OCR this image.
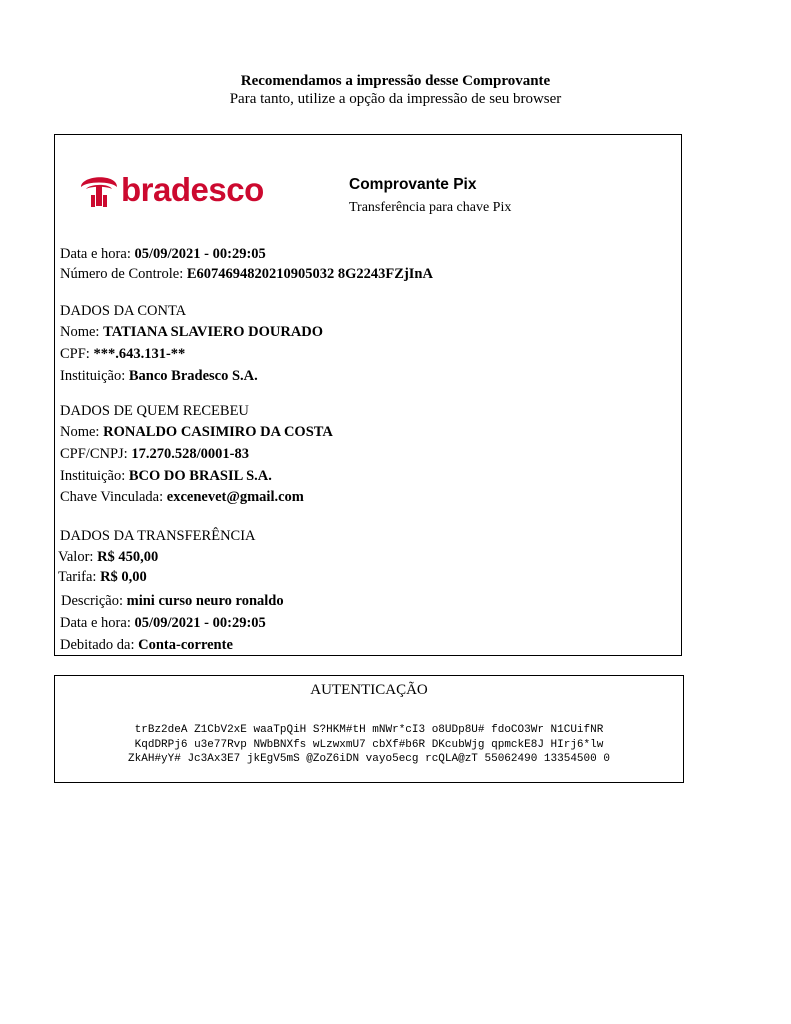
Recomendamos a impressão desse Comprovante
Para tanto, utilize a opção da impressão de seu browser
bradesco	Comprovante Pix
Transferência para chave Pix
Data e hora: 05/09/2021 - 00:29:05
Número de Controle: E6074694820210905032 8G2243FZjInA
DADOS DA CONTA
Nome: TATIANA SLAVIERO DOURADO
CPF: ***.643.131-**
Instituição: Banco Bradesco S.A.
DADOS DE QUEM RECEBEU
Nome: RONALDO CASIMIRO DA COSTA
CPF/CNPJ: 17.270.528/0001-83
Instituição: BCO DO BRASIL S.A.
Chave Vinculada: excenevet@gmail.com
DADOS DA TRANSFERÊNCIA
Valor: R$ 450,00
Tarifa: R$ 0,00
Descrição: mini curso neuro ronaldo
Data e hora: 05/09/2021 - 00:29:05
Debitado da: Conta-corrente
AUTENTICAÇÃO
trBz2deA Z1CbV2xE waaTpQiH S?HKM#tH mNWr*cI3 o8UDp8U# fdoCO3Wr N1CUifNR
KqdDRPj6 u3e77Rvp NWbBNXfs wLzwxmU7 cbXf#b6R DKcubWjg qpmckE8J HIrj6*lw
ZkAH#yY# Jc3Ax3E7 jkEgV5mS @ZoZ6iDN vayo5ecg rcQLA@zT 55062490 13354500 0
